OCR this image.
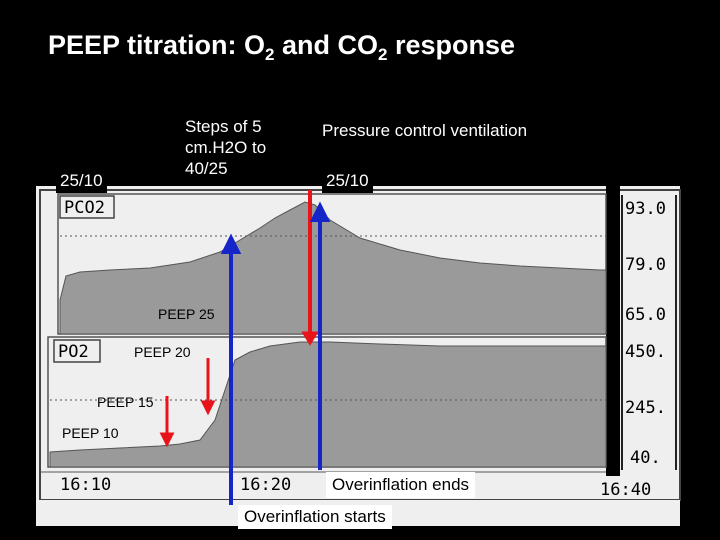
PEEP titration: $O_2$ and $CO_2$ response
PCO2
PO2
93.0
79.0
65.0
450.
245.
40.
16:10	16:20	16:40
Steps of 5
cm.H2O to
40/25
Pressure control ventilation
25/10	25/10
PEEP 25
PEEP 20
PEEP 15
PEEP 10
Overinflation ends
Overinflation starts
